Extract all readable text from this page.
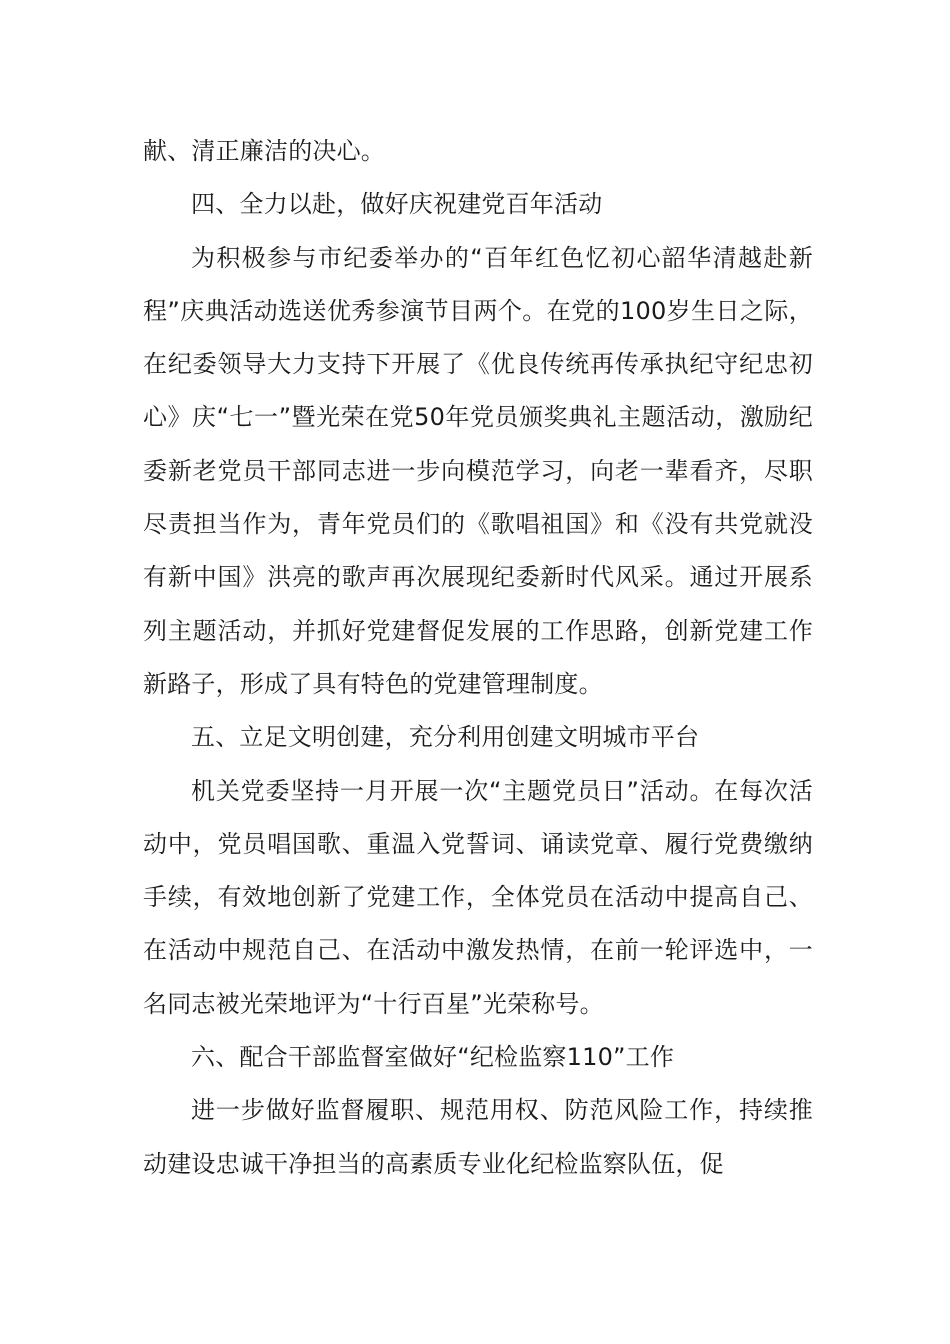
献、清正廉洁的决心。

四、全力以赴，做好庆祝建党百年活动

为积极参与市纪委举办的“百年红色忆初心韶华清越赴新程”庆典活动选送优秀参演节目两个。在党的100岁生日之际，在纪委领导大力支持下开展了《优良传统再传承执纪守纪忠初心》庆“七一”暨光荣在党50年党员颁奖典礼主题活动，激励纪委新老党员干部同志进一步向模范学习，向老一辈看齐，尽职尽责担当作为，青年党员们的《歌唱祖国》和《没有共党就没有新中国》洪亮的歌声再次展现纪委新时代风采。通过开展系列主题活动，并抓好党建督促发展的工作思路，创新党建工作新路子，形成了具有特色的党建管理制度。

五、立足文明创建，充分利用创建文明城市平台

机关党委坚持一月开展一次“主题党员日”活动。在每次活动中，党员唱国歌、重温入党誓词、诵读党章、履行党费缴纳手续，有效地创新了党建工作，全体党员在活动中提高自己、在活动中规范自己、在活动中激发热情，在前一轮评选中，一名同志被光荣地评为“十行百星”光荣称号。

六、配合干部监督室做好“纪检监察110”工作

进一步做好监督履职、规范用权、防范风险工作，持续推动建设忠诚干净担当的高素质专业化纪检监察队伍，促
